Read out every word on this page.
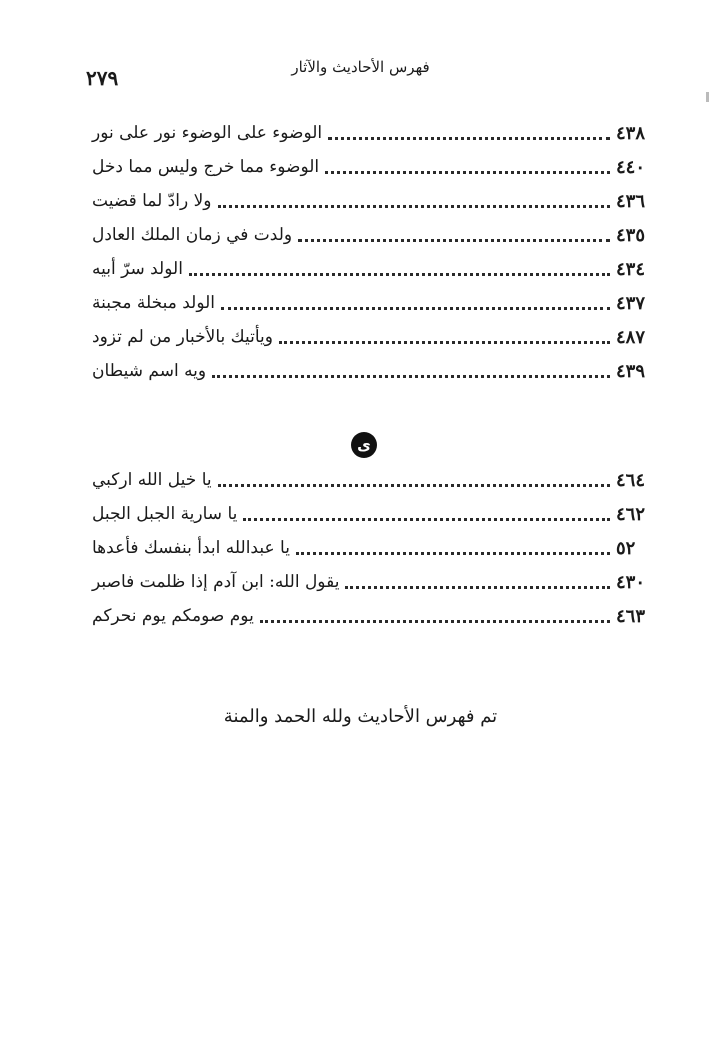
فهرس الأحاديث والآثار
٢٧٩
الوضوء على الوضوء نور على نور	٤٣٨
الوضوء مما خرج وليس مما دخل	٤٤٠
ولا رادّ لما قضيت	٤٣٦
ولدت في زمان الملك العادل	٤٣٥
الولد سرّ أبيه	٤٣٤
الولد مبخلة مجبنة	٤٣٧
ويأتيك بالأخبار من لم تزود	٤٨٧
ويه اسم شيطان	٤٣٩
ى
يا خيل الله اركبي	٤٦٤
يا سارية الجبل الجبل	٤٦٢
يا عبدالله ابدأ بنفسك فأعدها	٥٢
يقول الله: ابن آدم إذا ظلمت فاصبر	٤٣٠
يوم صومكم يوم نحركم	٤٦٣
تم فهرس الأحاديث ولله الحمد والمنة
